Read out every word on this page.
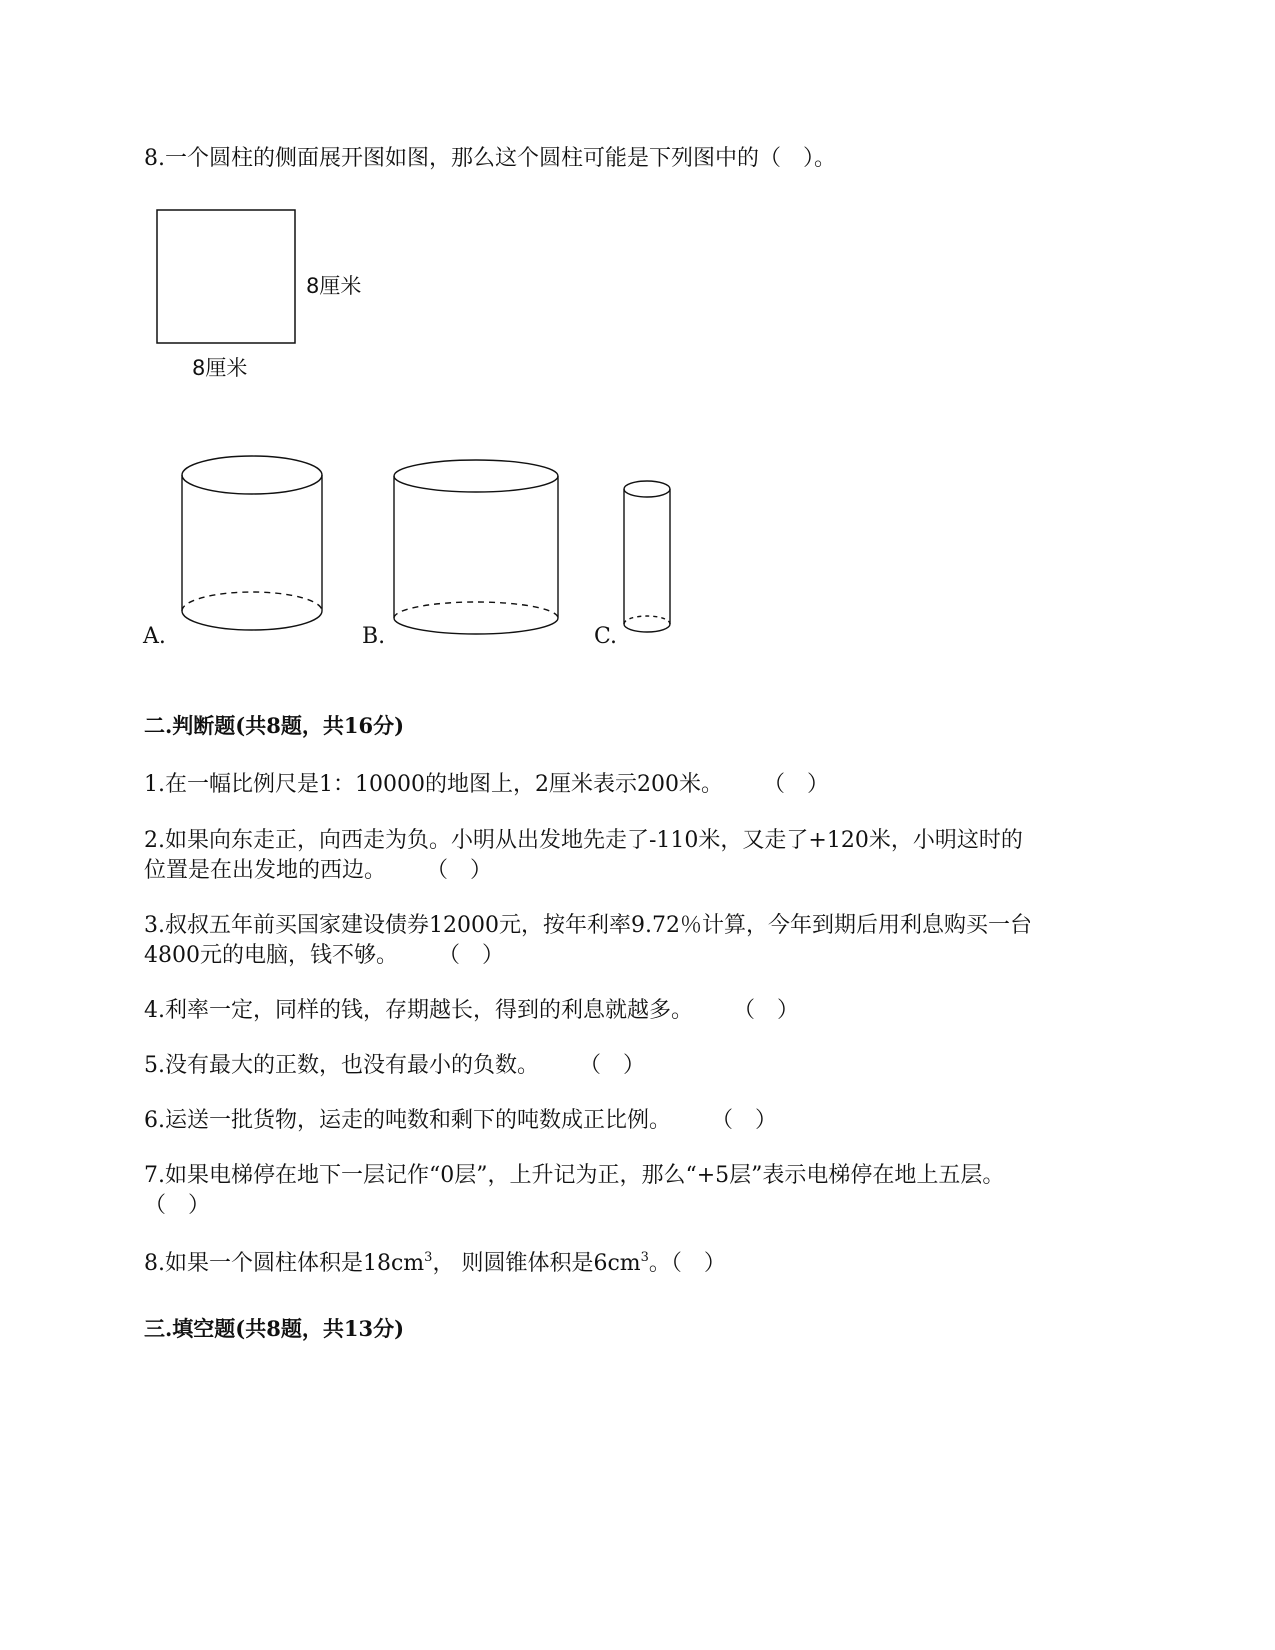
8.一个圆柱的侧面展开图如图，那么这个圆柱可能是下列图中的（　）。
8厘米
8厘米
A.	B.	C.
二.判断题(共8题，共16分)
1.在一幅比例尺是1：10000的地图上，2厘米表示200米。 （　）
2.如果向东走正，向西走为负。小明从出发地先走了-110米，又走了+120米，小明这时的
位置是在出发地的西边。 （　）
3.叔叔五年前买国家建设债券12000元，按年利率9.72％计算，今年到期后用利息购买一台
4800元的电脑，钱不够。 （　）
4.利率一定，同样的钱，存期越长，得到的利息就越多。 （　）
5.没有最大的正数，也没有最小的负数。 （　）
6.运送一批货物，运走的吨数和剩下的吨数成正比例。 （　）
7.如果电梯停在地下一层记作“0层”，上升记为正，那么“+5层”表示电梯停在地上五层。
（　）
8.如果一个圆柱体积是$18cm^3$， 则圆锥体积是$6cm^3$。（　）
三.填空题(共8题，共13分)
